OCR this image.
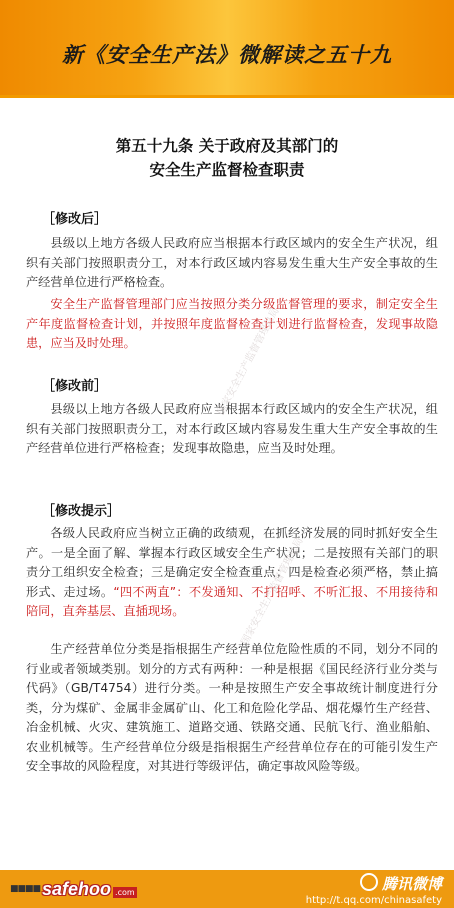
新《安全生产法》微解读之五十九
第五十九条 关于政府及其部门的
安全生产监督检查职责
［修改后］
县级以上地方各级人民政府应当根据本行政区域内的安全生产状况，组织有关部门按照职责分工，对本行政区域内容易发生重大生产安全事故的生产经营单位进行严格检查。
安全生产监督管理部门应当按照分类分级监督管理的要求，制定安全生产年度监督检查计划，并按照年度监督检查计划进行监督检查，发现事故隐患，应当及时处理。
［修改前］
县级以上地方各级人民政府应当根据本行政区域内的安全生产状况，组织有关部门按照职责分工，对本行政区域内容易发生重大生产安全事故的生产经营单位进行严格检查；发现事故隐患，应当及时处理。
［修改提示］
各级人民政府应当树立正确的政绩观，在抓经济发展的同时抓好安全生产。一是全面了解、掌握本行政区域安全生产状况；二是按照有关部门的职责分工组织安全检查；三是确定安全检查重点；四是检查必须严格，禁止搞形式、走过场。“四不两直”：不发通知、不打招呼、不听汇报、不用接待和陪同，直奔基层、直插现场。
生产经营单位分类是指根据生产经营单位危险性质的不同，划分不同的行业或者领域类别。划分的方式有两种：一种是根据《国民经济行业分类与代码》（GB/T4754）进行分类。一种是按照生产安全事故统计制度进行分类，分为煤矿、金属非金属矿山、化工和危险化学品、烟花爆竹生产经营、冶金机械、火灾、建筑施工、道路交通、铁路交通、民航飞行、渔业船舶、农业机械等。生产经营单位分级是指根据生产经营单位存在的可能引发生产安全事故的风险程度，对其进行等级评估，确定事故风险等级。
国家安全生产监督管理总局
国家安全生产监督管理总局
■■■■ safehoo .com	腾讯微博
http://t.qq.com/chinasafety
